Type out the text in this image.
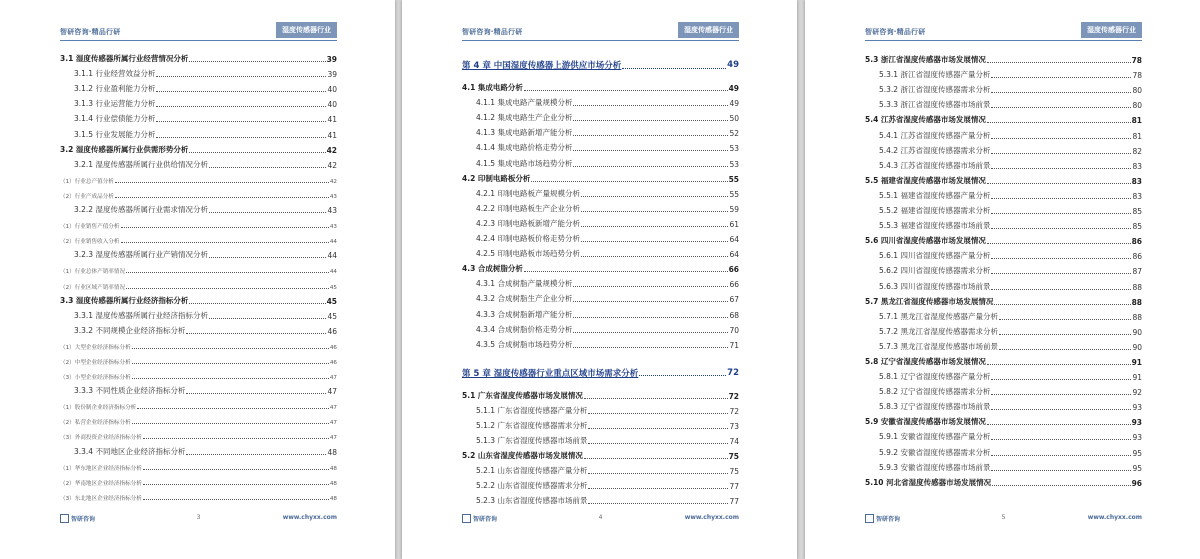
智研咨询·精品行研	湿度传感器行业
3.1 湿度传感器所属行业经营情况分析	39
3.1.1 行业经营效益分析	39
3.1.2 行业盈利能力分析	40
3.1.3 行业运营能力分析	40
3.1.4 行业偿债能力分析	41
3.1.5 行业发展能力分析	41
3.2 湿度传感器所属行业供需形势分析	42
3.2.1 湿度传感器所属行业供给情况分析	42
（1）行业总产值分析	42
（2）行业产成品分析	43
3.2.2 湿度传感器所属行业需求情况分析	43
（1）行业销售产值分析	43
（2）行业销售收入分析	44
3.2.3 湿度传感器所属行业产销情况分析	44
（1）行业总体产销率情况	44
（2）行业区域产销率情况	45
3.3 湿度传感器所属行业经济指标分析	45
3.3.1 湿度传感器所属行业经济指标分析	45
3.3.2 不同规模企业经济指标分析	46
（1）大型企业经济指标分析	46
（2）中型企业经济指标分析	46
（3）小型企业经济指标分析	47
3.3.3 不同性质企业经济指标分析	47
（1）股份制企业经济指标分析	47
（2）私营企业经济指标分析	47
（3）外商投资企业经济指标分析	47
3.3.4 不同地区企业经济指标分析	48
（1）华东地区企业经济指标分析	48
（2）华南地区企业经济指标分析	48
（3）东北地区企业经济指标分析	48
智研咨询	3	www.chyxx.com
智研咨询·精品行研	湿度传感器行业
第 4 章 中国湿度传感器上游供应市场分析	49
4.1 集成电路分析	49
4.1.1 集成电路产量规模分析	49
4.1.2 集成电路生产企业分析	50
4.1.3 集成电路新增产能分析	52
4.1.4 集成电路价格走势分析	53
4.1.5 集成电路市场趋势分析	53
4.2 印制电路板分析	55
4.2.1 印制电路板产量规模分析	55
4.2.2 印制电路板生产企业分析	59
4.2.3 印制电路板新增产能分析	61
4.2.4 印制电路板价格走势分析	64
4.2.5 印制电路板市场趋势分析	64
4.3 合成树脂分析	66
4.3.1 合成树脂产量规模分析	66
4.3.2 合成树脂生产企业分析	67
4.3.3 合成树脂新增产能分析	68
4.3.4 合成树脂价格走势分析	70
4.3.5 合成树脂市场趋势分析	71
第 5 章 湿度传感器行业重点区域市场需求分析	72
5.1 广东省湿度传感器市场发展情况	72
5.1.1 广东省湿度传感器产量分析	72
5.1.2 广东省湿度传感器需求分析	73
5.1.3 广东省湿度传感器市场前景	74
5.2 山东省湿度传感器市场发展情况	75
5.2.1 山东省湿度传感器产量分析	75
5.2.2 山东省湿度传感器需求分析	77
5.2.3 山东省湿度传感器市场前景	77
智研咨询	4	www.chyxx.com
智研咨询·精品行研	湿度传感器行业
5.3 浙江省湿度传感器市场发展情况	78
5.3.1 浙江省湿度传感器产量分析	78
5.3.2 浙江省湿度传感器需求分析	80
5.3.3 浙江省湿度传感器市场前景	80
5.4 江苏省湿度传感器市场发展情况	81
5.4.1 江苏省湿度传感器产量分析	81
5.4.2 江苏省湿度传感器需求分析	82
5.4.3 江苏省湿度传感器市场前景	83
5.5 福建省湿度传感器市场发展情况	83
5.5.1 福建省湿度传感器产量分析	83
5.5.2 福建省湿度传感器需求分析	85
5.5.3 福建省湿度传感器市场前景	85
5.6 四川省湿度传感器市场发展情况	86
5.6.1 四川省湿度传感器产量分析	86
5.6.2 四川省湿度传感器需求分析	87
5.6.3 四川省湿度传感器市场前景	88
5.7 黑龙江省湿度传感器市场发展情况	88
5.7.1 黑龙江省湿度传感器产量分析	88
5.7.2 黑龙江省湿度传感器需求分析	90
5.7.3 黑龙江省湿度传感器市场前景	90
5.8 辽宁省湿度传感器市场发展情况	91
5.8.1 辽宁省湿度传感器产量分析	91
5.8.2 辽宁省湿度传感器需求分析	92
5.8.3 辽宁省湿度传感器市场前景	93
5.9 安徽省湿度传感器市场发展情况	93
5.9.1 安徽省湿度传感器产量分析	93
5.9.2 安徽省湿度传感器需求分析	95
5.9.3 安徽省湿度传感器市场前景	95
5.10 河北省湿度传感器市场发展情况	96
智研咨询	5	www.chyxx.com
